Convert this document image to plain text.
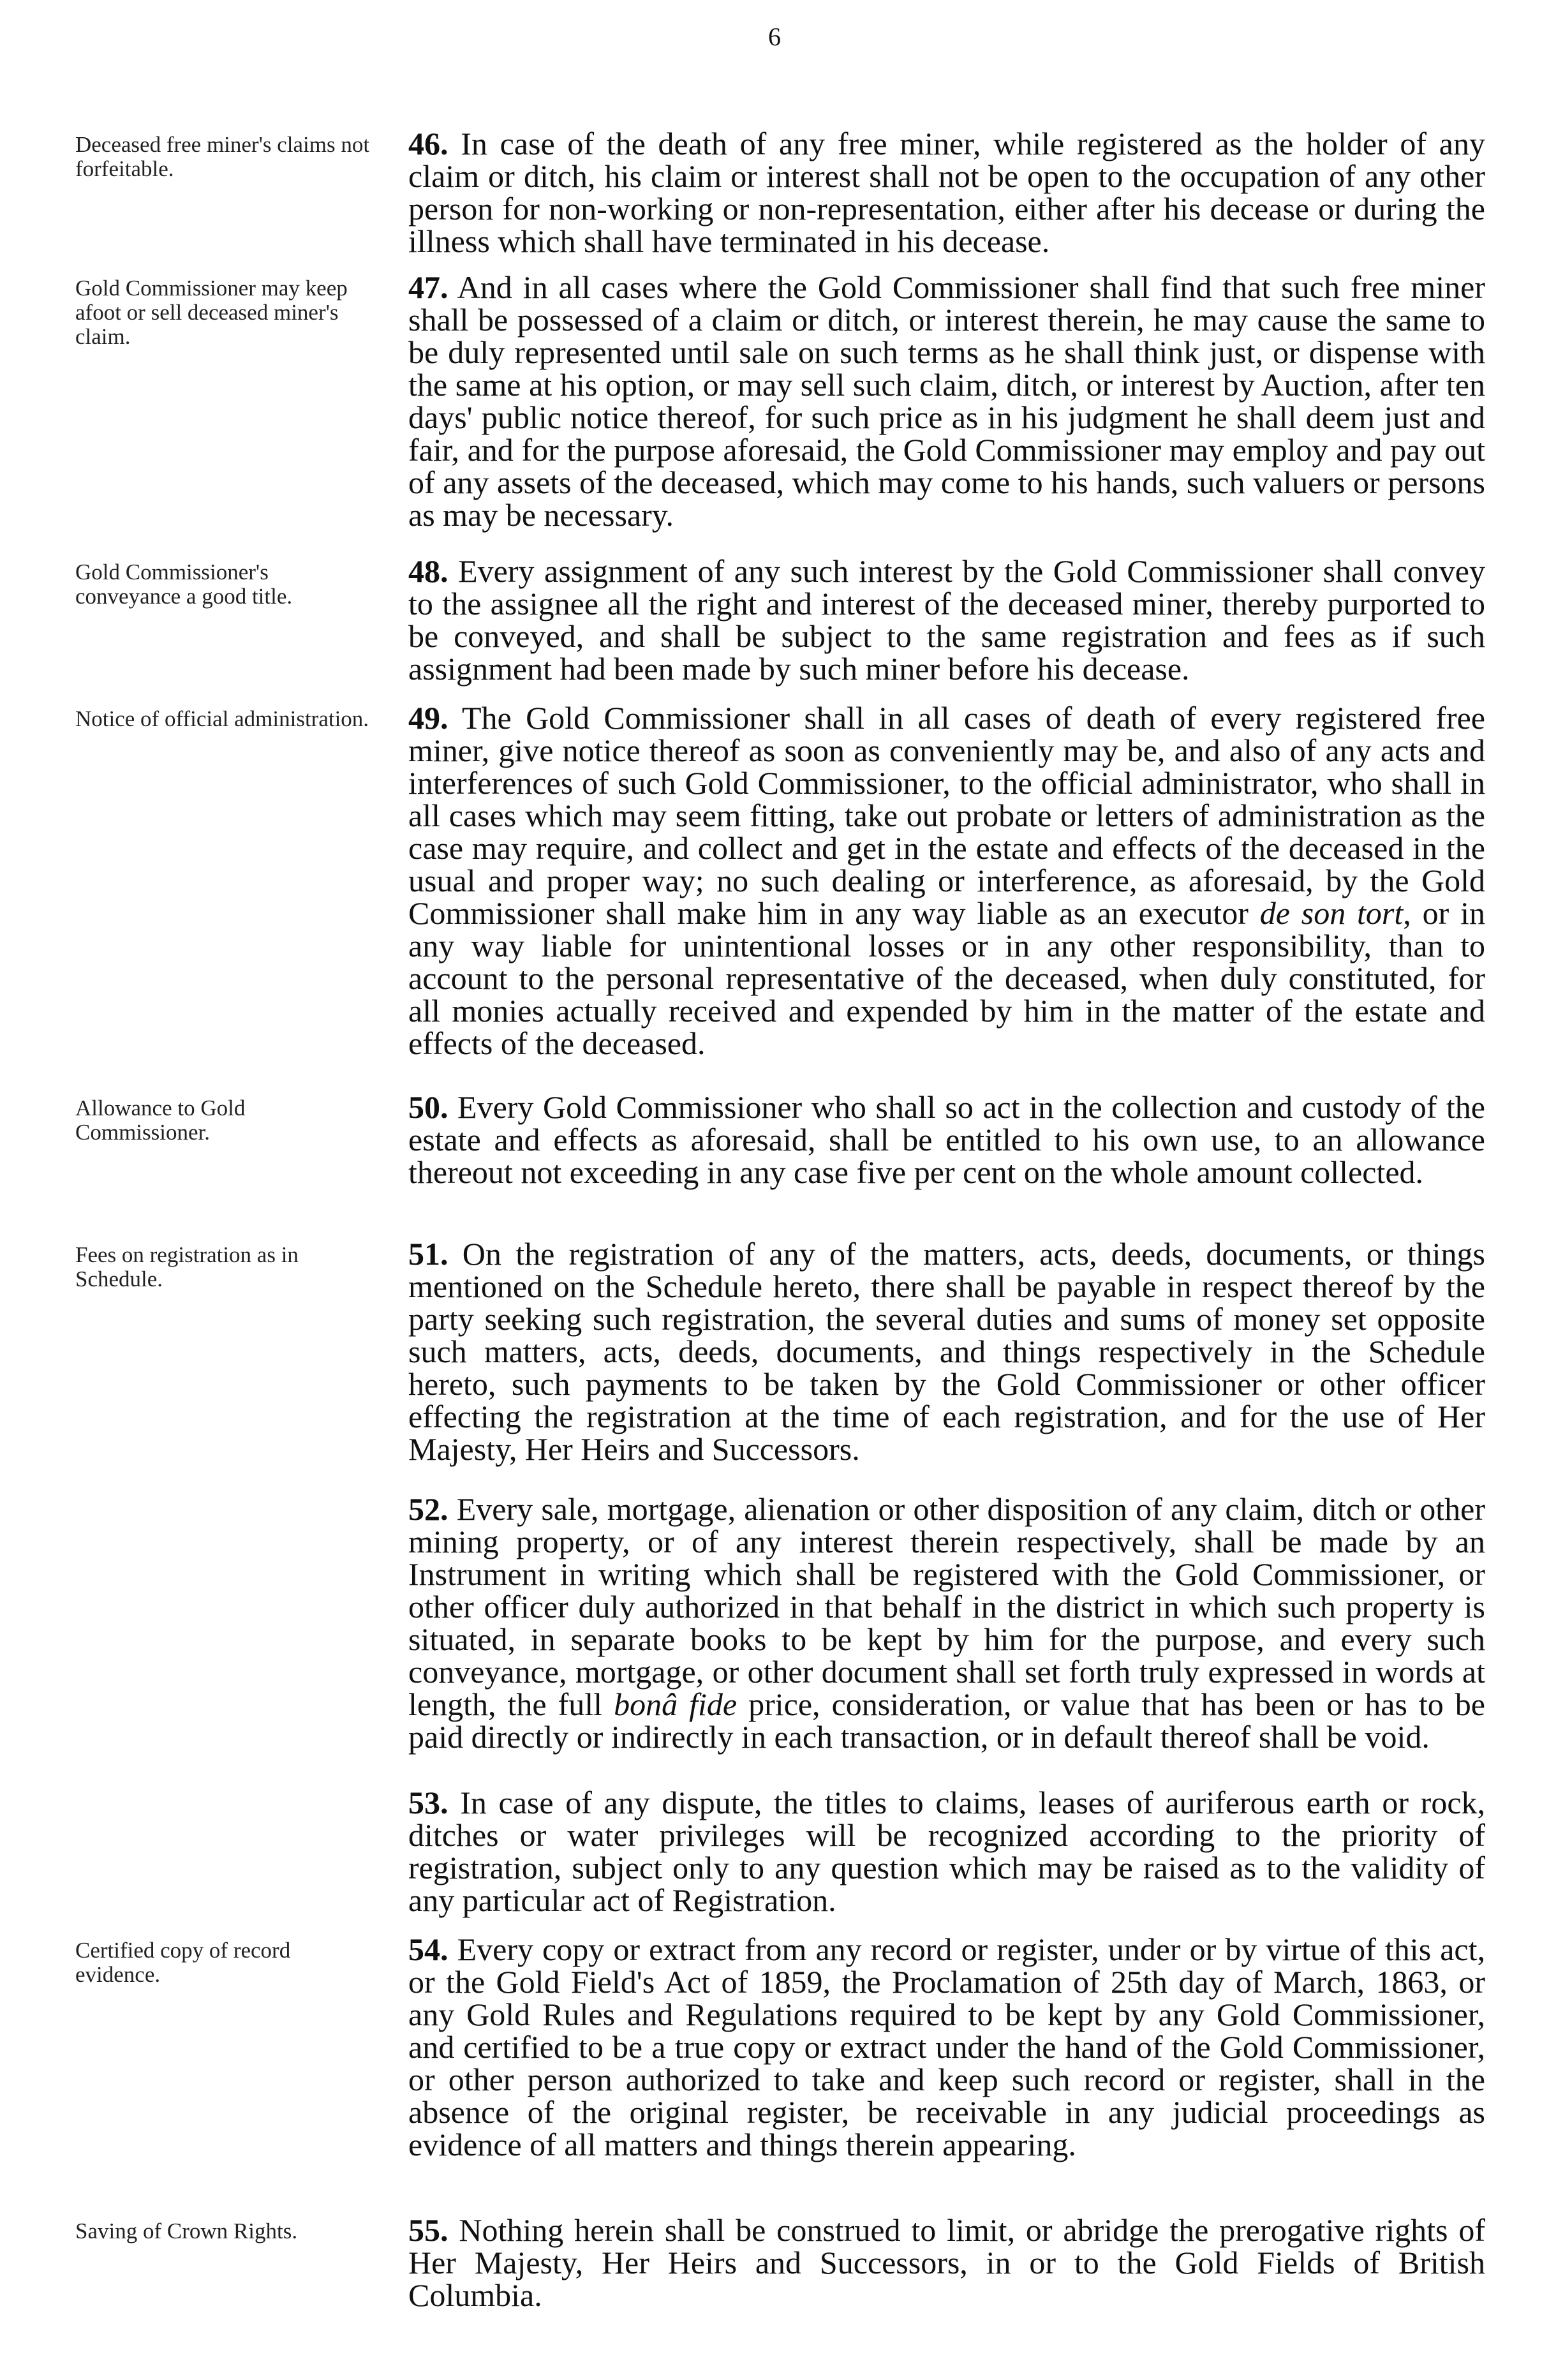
6
Deceased free miner's claims not forfeitable.
46. In case of the death of any free miner, while registered as the holder of any claim or ditch, his claim or interest shall not be open to the occupation of any other person for non-working or non-representation, either after his decease or during the illness which shall have terminated in his decease.
Gold Commissioner may keep afoot or sell deceased miner's claim.
47. And in all cases where the Gold Commissioner shall find that such free miner shall be possessed of a claim or ditch, or interest therein, he may cause the same to be duly represented until sale on such terms as he shall think just, or dispense with the same at his option, or may sell such claim, ditch, or interest by Auction, after ten days' public notice thereof, for such price as in his judgment he shall deem just and fair, and for the purpose aforesaid, the Gold Commissioner may employ and pay out of any assets of the deceased, which may come to his hands, such valuers or persons as may be necessary.
Gold Commissioner's conveyance a good title.
48. Every assignment of any such interest by the Gold Commissioner shall convey to the assignee all the right and interest of the deceased miner, thereby purported to be conveyed, and shall be subject to the same registration and fees as if such assignment had been made by such miner before his decease.
Notice of official administration. 49. The Gold Commissioner shall in all cases of death of every registered free miner, give notice thereof as soon as conveniently may be, and also of any acts and interferences of such Gold Commissioner, to the official administrator, who shall in all cases which may seem fitting, take out probate or letters of administration as the case may require, and collect and get in the estate and effects of the deceased in the usual and proper way; no such dealing or interference, as aforesaid, by the Gold Commissioner shall make him in any way liable as an executor de son tort, or in any way liable for unintentional losses or in any other responsibility, than to account to the personal representative of the deceased, when duly constituted, for all monies actually received and expended by him in the matter of the estate and effects of the deceased.
Allowance to Gold Commissioner.
50. Every Gold Commissioner who shall so act in the collection and custody of the estate and effects as aforesaid, shall be entitled to his own use, to an allowance thereout not exceeding in any case five per cent on the whole amount collected.
Fees on registration as in Schedule.
51. On the registration of any of the matters, acts, deeds, documents, or things mentioned on the Schedule hereto, there shall be payable in respect thereof by the party seeking such registration, the several duties and sums of money set opposite such matters, acts, deeds, documents, and things respectively in the Schedule hereto, such payments to be taken by the Gold Commissioner or other officer effecting the registration at the time of each registration, and for the use of Her Majesty, Her Heirs and Successors.
52. Every sale, mortgage, alienation or other disposition of any claim, ditch or other mining property, or of any interest therein respectively, shall be made by an Instrument in writing which shall be registered with the Gold Commissioner, or other officer duly authorized in that behalf in the district in which such property is situated, in separate books to be kept by him for the purpose, and every such conveyance, mortgage, or other document shall set forth truly expressed in words at length, the full bonâ fide price, consideration, or value that has been or has to be paid directly or indirectly in each transaction, or in default thereof shall be void.
53. In case of any dispute, the titles to claims, leases of auriferous earth or rock, ditches or water privileges will be recognized according to the priority of registration, subject only to any question which may be raised as to the validity of any particular act of Registration.
Certified copy of record evidence.
54. Every copy or extract from any record or register, under or by virtue of this act, or the Gold Field's Act of 1859, the Proclamation of 25th day of March, 1863, or any Gold Rules and Regulations required to be kept by any Gold Commissioner, and certified to be a true copy or extract under the hand of the Gold Commissioner, or other person authorized to take and keep such record or register, shall in the absence of the original register, be receivable in any judicial proceedings as evidence of all matters and things therein appearing.
Saving of Crown Rights.	55. Nothing herein shall be construed to limit, or abridge the prerogative rights of Her Majesty, Her Heirs and Successors, in or to the Gold Fields of British Columbia.
